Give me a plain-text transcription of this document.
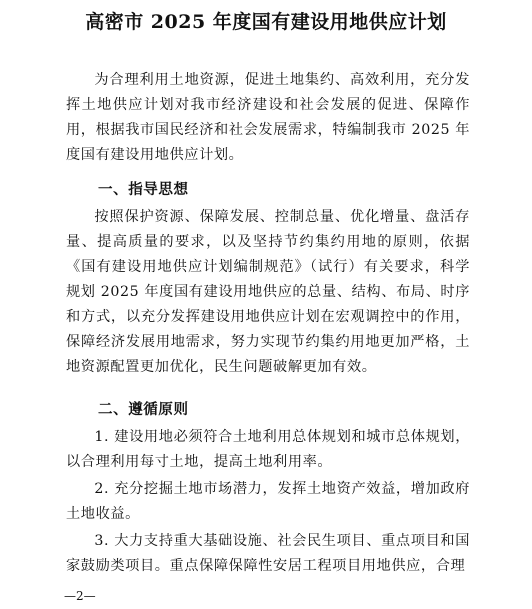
高密市 2025 年度国有建设用地供应计划

为合理利用土地资源，促进土地集约、高效利用，充分发挥土地供应计划对我市经济建设和社会发展的促进、保障作用，根据我市国民经济和社会发展需求，特编制我市 2025 年度国有建设用地供应计划。

一、指导思想

按照保护资源、保障发展、控制总量、优化增量、盘活存量、提高质量的要求，以及坚持节约集约用地的原则，依据《国有建设用地供应计划编制规范》（试行）有关要求，科学规划 2025 年度国有建设用地供应的总量、结构、布局、时序和方式，以充分发挥建设用地供应计划在宏观调控中的作用，保障经济发展用地需求，努力实现节约集约用地更加严格，土地资源配置更加优化，民生问题破解更加有效。

二、遵循原则

1. 建设用地必须符合土地利用总体规划和城市总体规划，以合理利用每寸土地，提高土地利用率。

2. 充分挖掘土地市场潜力，发挥土地资产效益，增加政府土地收益。

3. 大力支持重大基础设施、社会民生项目、重点项目和国家鼓励类项目。重点保障保障性安居工程项目用地供应，合理

—2—
